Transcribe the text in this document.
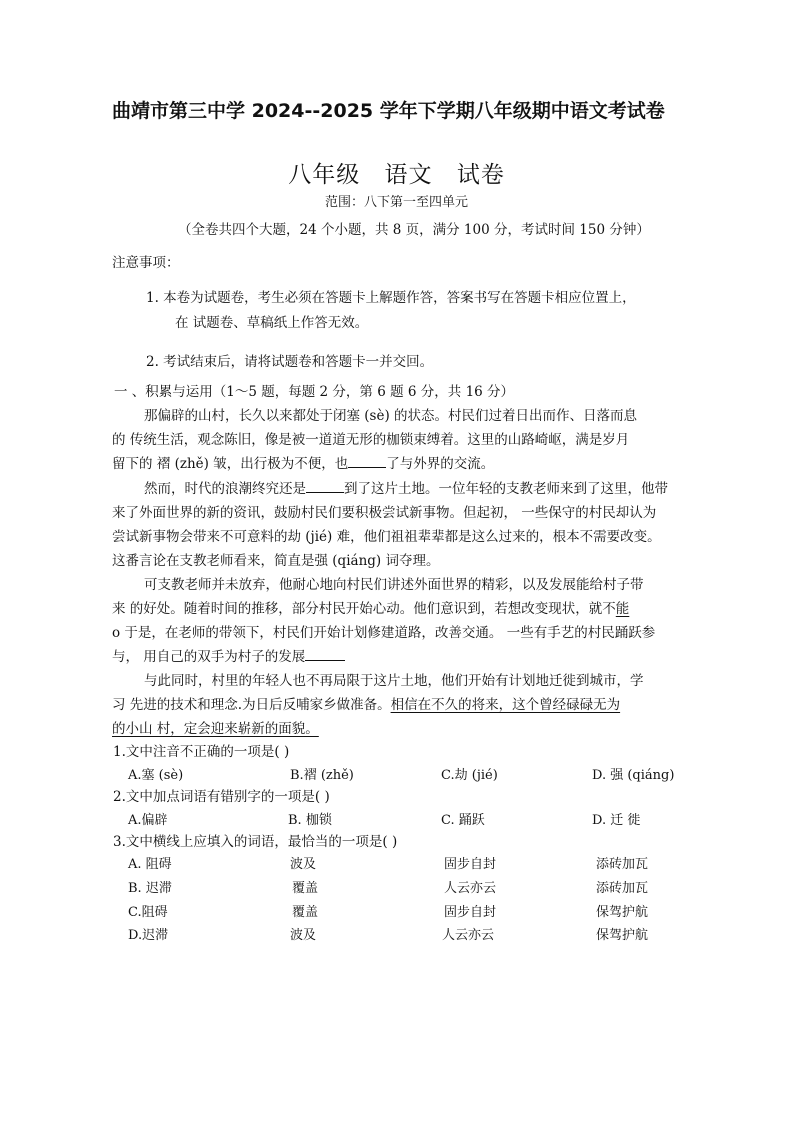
曲靖市第三中学 2024--2025 学年下学期八年级期中语文考试卷
八年级 语文 试卷
范围：八下第一至四单元
（全卷共四个大题，24 个小题，共 8 页，满分 100 分，考试时间 150 分钟）
注意事项：
1. 本卷为试题卷，考生必须在答题卡上解题作答，答案书写在答题卡相应位置上，
在 试题卷、草稿纸上作答无效。
2. 考试结束后，请将试题卷和答题卡一并交回。
一 、积累与运用（1～5 题，每题 2 分，第 6 题 6 分，共 16 分）
那偏辟的山村，长久以来都处于闭塞 (sè) 的状态。村民们过着日出而作、日落而息
的 传统生活，观念陈旧，像是被一道道无形的枷锁束缚着。这里的山路崎岖，满是岁月
留下的 褶 (zhě) 皱，出行极为不便，也	了与外界的交流。
然而，时代的浪潮终究还是	到了这片土地。一位年轻的支教老师来到了这里，他带
来了外面世界的新的资讯，鼓励村民们要积极尝试新事物。但起初， 一些保守的村民却认为
尝试新事物会带来不可意料的劫 (jié) 难，他们祖祖辈辈都是这么过来的，根本不需要改变。
这番言论在支教老师看来，简直是强 (qiáng) 词夺理。
可支教老师并未放弃，他耐心地向村民们讲述外面世界的精彩，以及发展能给村子带
来 的好处。随着时间的推移，部分村民开始心动。他们意识到，若想改变现状，就不能
o 于是，在老师的带领下，村民们开始计划修建道路，改善交通。 一些有手艺的村民踊跃参
与， 用自己的双手为村子的发展
与此同时，村里的年轻人也不再局限于这片土地，他们开始有计划地迁徙到城市，学
习 先进的技术和理念.为日后反哺家乡做准备。相信在不久的将来，这个曾经碌碌无为
的小山 村，定会迎来崭新的面貌。
1.文中注音不正确的一项是( )
A.塞 (sè)	B.褶 (zhě)	C.劫 (jié)	D. 强 (qiáng)
2.文中加点词语有错别字的一项是( )
A.偏辟	B. 枷锁	C. 踊跃	D. 迁 徙
3.文中横线上应填入的词语，最恰当的一项是( )
A. 阻碍	波及	固步自封	添砖加瓦
B. 迟滞	覆盖	人云亦云	添砖加瓦
C.阻碍	覆盖	固步自封	保驾护航
D.迟滞	波及	人云亦云	保驾护航
